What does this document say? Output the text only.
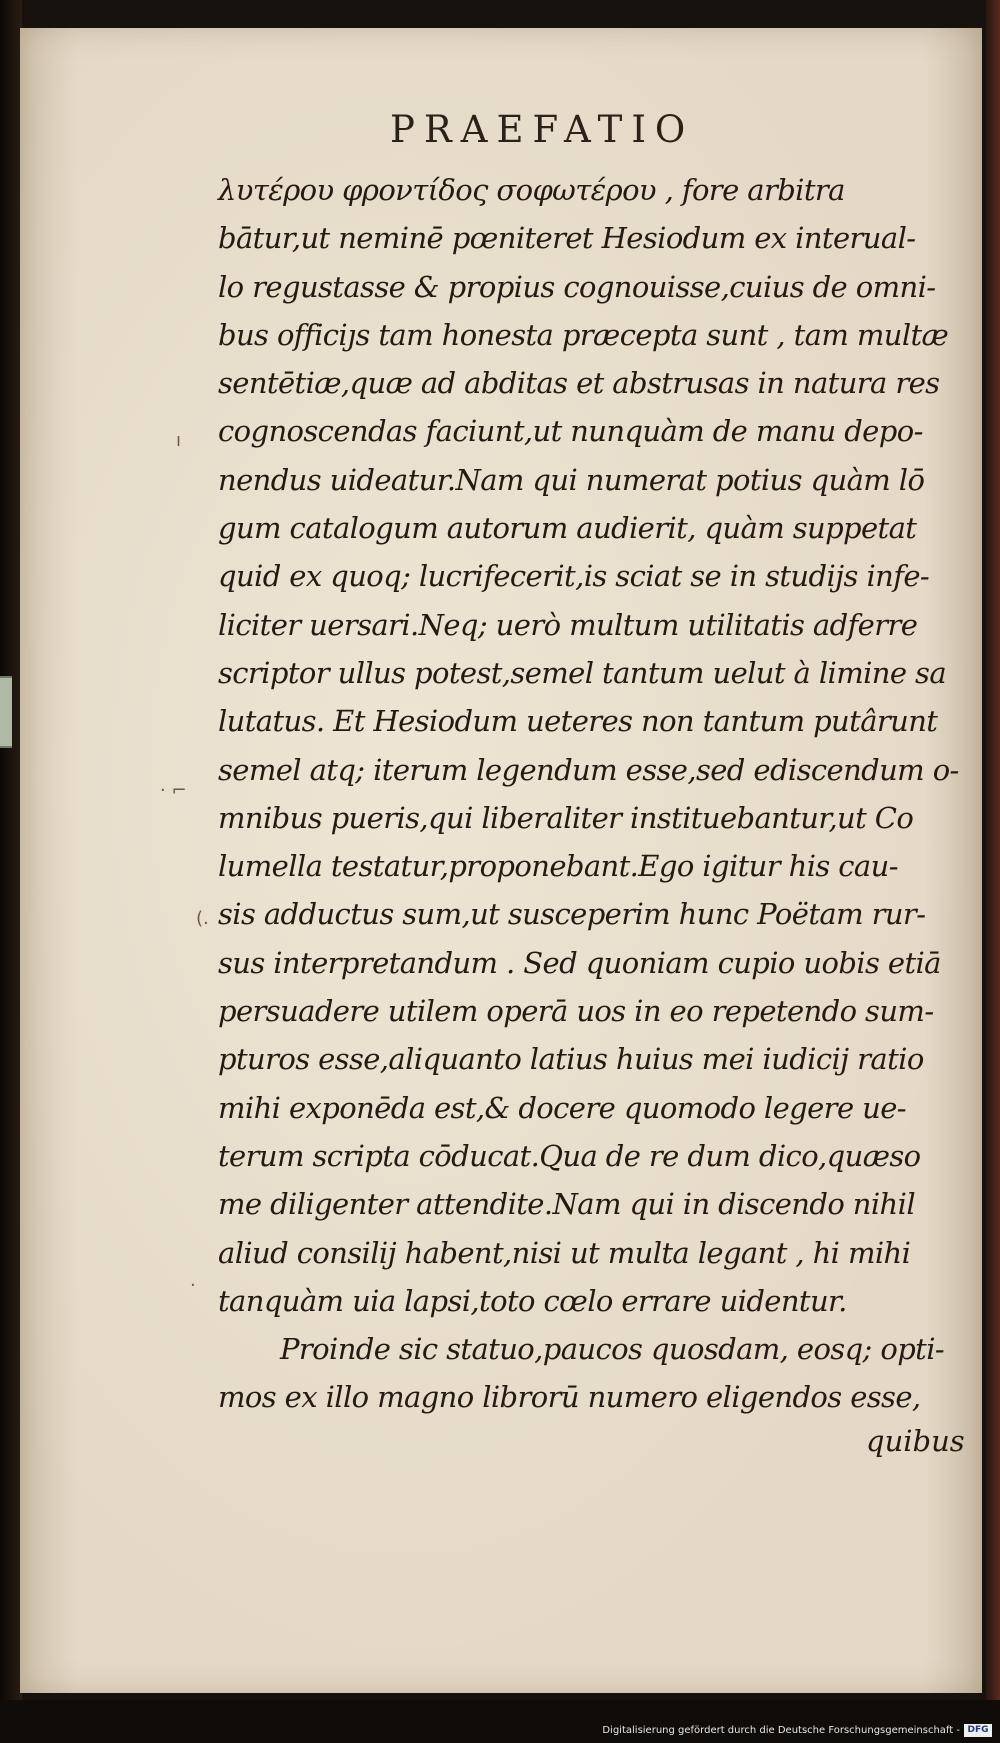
PRAEFATIO
λυτέρου φροντίδος σοφωτέρου , fore arbitra
bātur,ut neminē pœniteret Hesiodum ex interual-
lo regustasse & propius cognouisse,cuius de omni-
bus officiȷs tam honesta præcepta sunt , tam multæ
sentētiæ,quæ ad abditas et abstrusas in natura res
cognoscendas faciunt,ut nunquàm de manu depo-
nendus uideatur.Nam qui numerat potius quàm lō
gum catalogum autorum audierit, quàm suppetat
quid ex quoq; lucrifecerit,is sciat se in studijs infe-
liciter uersari.Neq; uerò multum utilitatis adferre
scriptor ullus potest,semel tantum uelut à limine sa
lutatus. Et Hesiodum ueteres non tantum putârunt
semel atq; iterum legendum esse,sed ediscendum o-
mnibus pueris,qui liberaliter instituebantur,ut Co
lumella testatur,proponebant.Ego igitur his cau-
sis adductus sum,ut susceperim hunc Poëtam rur-
sus interpretandum . Sed quoniam cupio uobis etiā
persuadere utilem operā uos in eo repetendo sum-
pturos esse,aliquanto latius huius mei iudicij ratio
mihi exponēda est,& docere quomodo legere ue-
terum scripta cōducat.Qua de re dum dico,quæso
me diligenter attendite.Nam qui in discendo nihil
aliud consilij habent,nisi ut multa legant , hi mihi
tanquàm uia lapsi,toto cœlo errare uidentur.
Proinde sic statuo,paucos quosdam, eosq; opti-
mos ex illo magno librorū numero eligendos esse,
ı
· ⌐
(.
.
quibus
Digitalisierung gefördert durch die Deutsche Forschungsgemeinschaft - DFG
